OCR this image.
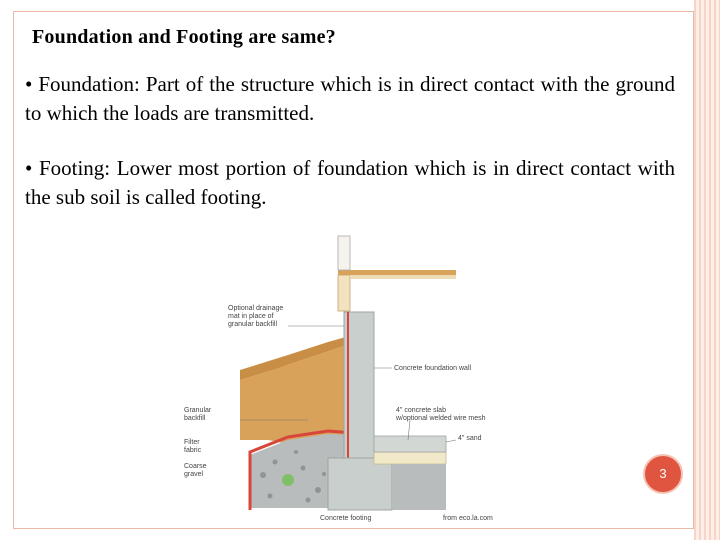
Foundation and Footing are same?
• Foundation: Part of the structure which is in direct contact with the ground to which the loads are transmitted.
• Footing: Lower most portion of foundation which is in direct contact with the sub soil is called footing.
Optional drainage
mat in place of
granular backfill
Concrete foundation wall
4" concrete slab
w/optional welded wire mesh
4" sand
Granular
backfill
Filter
fabric
Coarse
gravel
Concrete footing	from eco.la.com
3
